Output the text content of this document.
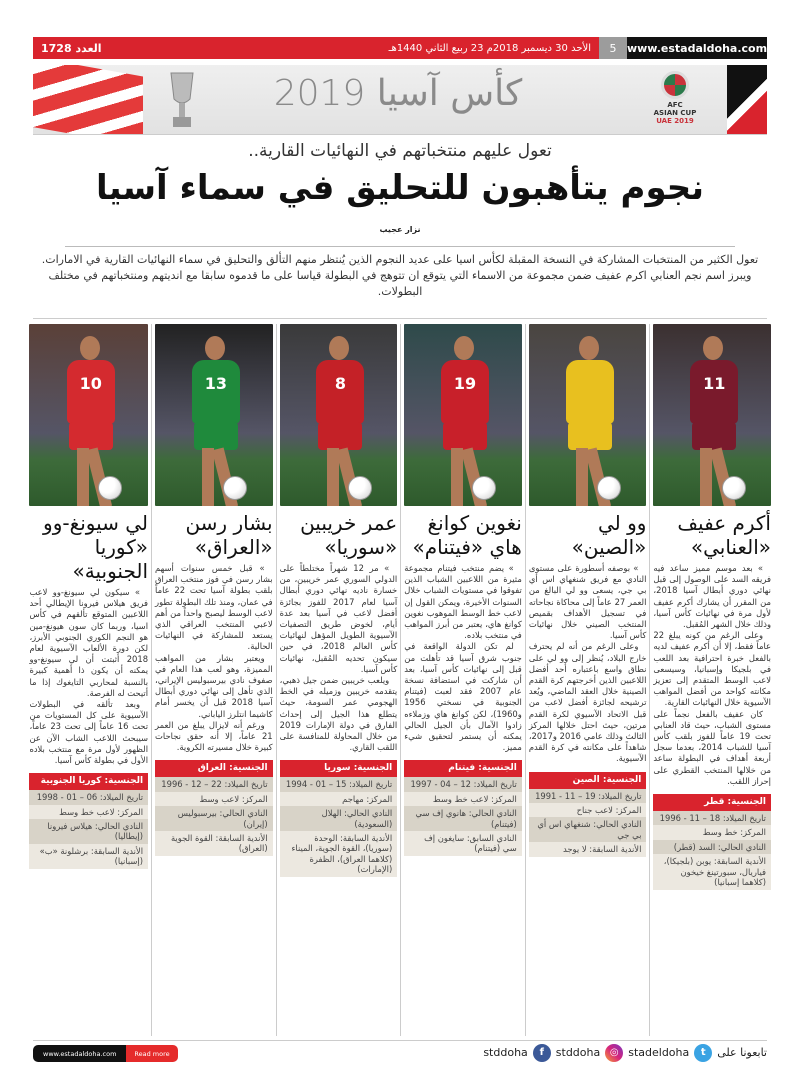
الأحد 30 ديسمبر 2018م 23 ربيع الثاني 1440هـ
العدد 1728	5 www.estadaldoha.com
كأس آسيا 2019	AFC
ASIAN CUP
UAE 2019
تعول عليهم منتخباتهم في النهائيات القارية..
نجوم يتأهبون للتحليق في سماء آسيا
نزار عجيب
تعول الكثير من المنتخبات المشاركة في النسخة المقبلة لكأس اسيا على عديد النجوم الذين يُنتظر منهم التألق والتحليق في سماء النهائيات القارية في الامارات. ويبرز اسم نجم العنابي اكرم عفيف ضمن مجموعة من الاسماء التي يتوقع ان تتوهج في البطولة قياسا على ما قدموه سابقا مع انديتهم ومنتخباتهم في مختلف البطولات.
11
أكرم عفيف «العنابي»

» بعد موسم مميز ساعد فيه فريقه السد على الوصول إلى قبل نهائي دوري أبطال آسيا 2018، من المقرر أن يشارك أكرم عفيف لأول مرة في نهائيات كأس آسيا، وذلك خلال الشهر المُقبل.

وعلى الرغم من كونه يبلغ 22 عاماً فقط، إلا أن أكرم عفيف لديه بالفعل خبرة احترافية بعد اللعب في بلجيكا وإسبانيا، وسيسعى لاعب الوسط المتقدم إلى تعزيز مكانته كواحد من أفضل المواهب الآسيوية خلال النهائيات القارية.

كان عفيف بالفعل نجماً على مستوى الشباب، حيث قاد العنابي تحت 19 عاماً للفوز بلقب كأس آسيا للشباب 2014، بعدما سجل أربعة أهداف في البطولة ساعد من خلالها المنتخب القطري على إحراز اللقب.

الجنسية: قطر
تاريخ الميلاد: 18 – 11 - 1996
المركز: خط وسط
النادي الحالي: السد (قطر)
الأندية السابقة: يوبن (بلجيكا)، فياريال، سبورتينغ خيخون (كلاهما إسبانيا)
وو لي «الصين»

» بوصفه أسطورة على مستوى النادي مع فريق شنغهاي اس أي بي جي، يسعى وو لي البالغ من العمر 27 عاماً إلى محاكاة نجاحاته في تسجيل الأهداف بقميص المنتخب الصيني خلال نهائيات كأس آسيا.

وعلى الرغم من أنه لم يحترف خارج البلاد، يُنظر إلى وو لي على نطاق واسع باعتباره أحد أفضل اللاعبين الذين أخرجتهم كرة القدم الصينية خلال العقد الماضي، ويُعد ترشيحه لجائزة أفضل لاعب من قبل الاتحاد الآسيوي لكرة القدم مرتين، حيث احتل خلالها المركز الثالث وذلك عامي 2016 و2017، شاهداً على مكانته في كرة القدم الآسيوية.

الجنسية: الصين
تاريخ الميلاد: 19 – 11 - 1991
المركز: لاعب جناح
النادي الحالي: شنغهاي اس أي بي جي
الأندية السابقة: لا يوجد
19
نغوين كوانغ هاي «فيتنام»

» يضم منتخب فيتنام مجموعة مثيرة من اللاعبين الشباب الذين تفوقوا في مستويات الشباب خلال السنوات الأخيرة، ويمكن القول إن لاعب خط الوسط الموهوب نغوين كوانغ هاي، يعتبر من أبرز المواهب في منتخب بلاده.

لم تكن الدولة الواقعة في جنوب شرق آسيا قد تأهلت من قبل إلى نهائيات كأس آسيا، بعد أن شاركت في استضافة نسخة عام 2007 فقد لعبت (فيتنام الجنوبية في نسختي 1956 و1960)، لكن كوانغ هاي وزملاءه زادوا الآمال بأن الجيل الحالي يمكنه أن يستمر لتحقيق شيء مميز.

الجنسية: فيتنام
تاريخ الميلاد: 12 – 04 - 1997
المركز: لاعب خط وسط
النادي الحالي: هانوي إف سي (فيتنام)
النادي السابق: سايغون إف سي (فيتنام)
8
عمر خريبين «سوريا»

» مر 12 شهراً مختلطاً على الدولي السوري عمر خريبين، من خسارة ناديه نهائي دوري أبطال آسيا لعام 2017 للفوز بجائزة أفضل لاعب في آسيا بعد عدة أيام، لخوض طريق التصفيات الآسيوية الطويل المؤهل لنهائيات كأس العالم 2018، في حين سيكون تحديه المُقبل، نهائيات كأس آسيا.

ويلعب خريبين ضمن جيل ذهبي، يتقدمه خريبين وزميله في الخط الهجومي عمر السومة، حيث يتطلع هذا الجيل إلى إحداث الفارق في دولة الإمارات 2019 من خلال المحاولة للمنافسة على اللقب القاري.

الجنسية: سوريا
تاريخ الميلاد: 15 – 01 - 1994
المركز: مهاجم
النادي الحالي: الهلال (السعودية)
الأندية السابقة: الوحدة (سوريا)، القوة الجوية، الميناء (كلاهما العراق)، الظفرة (الإمارات)
13
بشار رسن «العراق»

» قبل خمس سنوات أسهم بشار رسن في فوز منتخب العراق بلقب بطولة آسيا تحت 22 عاماً في عمان، ومنذ تلك البطولة تطور لاعب الوسط ليصبح واحداً من أهم لاعبي المنتخب العراقي الذي يستعد للمشاركة في النهائيات الحالية.

ويعتبر بشار من المواهب المميزة، وهو لعب هذا العام في صفوف نادي بيرسبوليس الإيراني، الذي تأهل إلى نهائي دوري أبطال آسيا 2018 قبل أن يخسر أمام كاشيما انتلرز الياباني.

ورغم أنه لايزال يبلغ من العمر 21 عاماً، إلا أنه حقق نجاحات كبيرة خلال مسيرته الكروية.

الجنسية: العراق
تاريخ الميلاد: 22 – 12 - 1996
المركز: لاعب وسط
النادي الحالي: بيرسبوليس (إيران)
الأندية السابقة: القوة الجوية (العراق)
10
لي سيونغ-وو «كوريا الجنوبية»

» سيكون لي سيونغ-وو لاعب فريق هيلاس فيرونا الإيطالي أحد اللاعبين المتوقع تألقهم في كأس اسيا، وربما كان سون هيونغ-مين هو النجم الكوري الجنوبي الأبرز، لكن دورة الألعاب الآسيوية لعام 2018 أثبتت أن لي سيونغ-وو يمكنه أن يكون ذا أهمية كبيرة بالنسبة لمحاربي التايغوك إذا ما أتيحت له الفرصة.

وبعد تألقه في البطولات الآسيوية على كل المستويات من تحت 16 عاماً إلى تحت 23 عاماً، سيبحث اللاعب الشاب الآن عن الظهور لأول مرة مع منتخب بلاده الأول في بطولة كأس آسيا.

الجنسية: كوريا الجنوبية
تاريخ الميلاد: 06 – 01 - 1998
المركز: لاعب خط وسط
النادي الحالي: هيلاس فيرونا (إيطاليا)
الأندية السابقة: برشلونة «ب» (إسبانيا)
www.estadaldoha.com	Read more	تابعونا على
t
stadeldoha
◎
stddoha
f
stddoha
